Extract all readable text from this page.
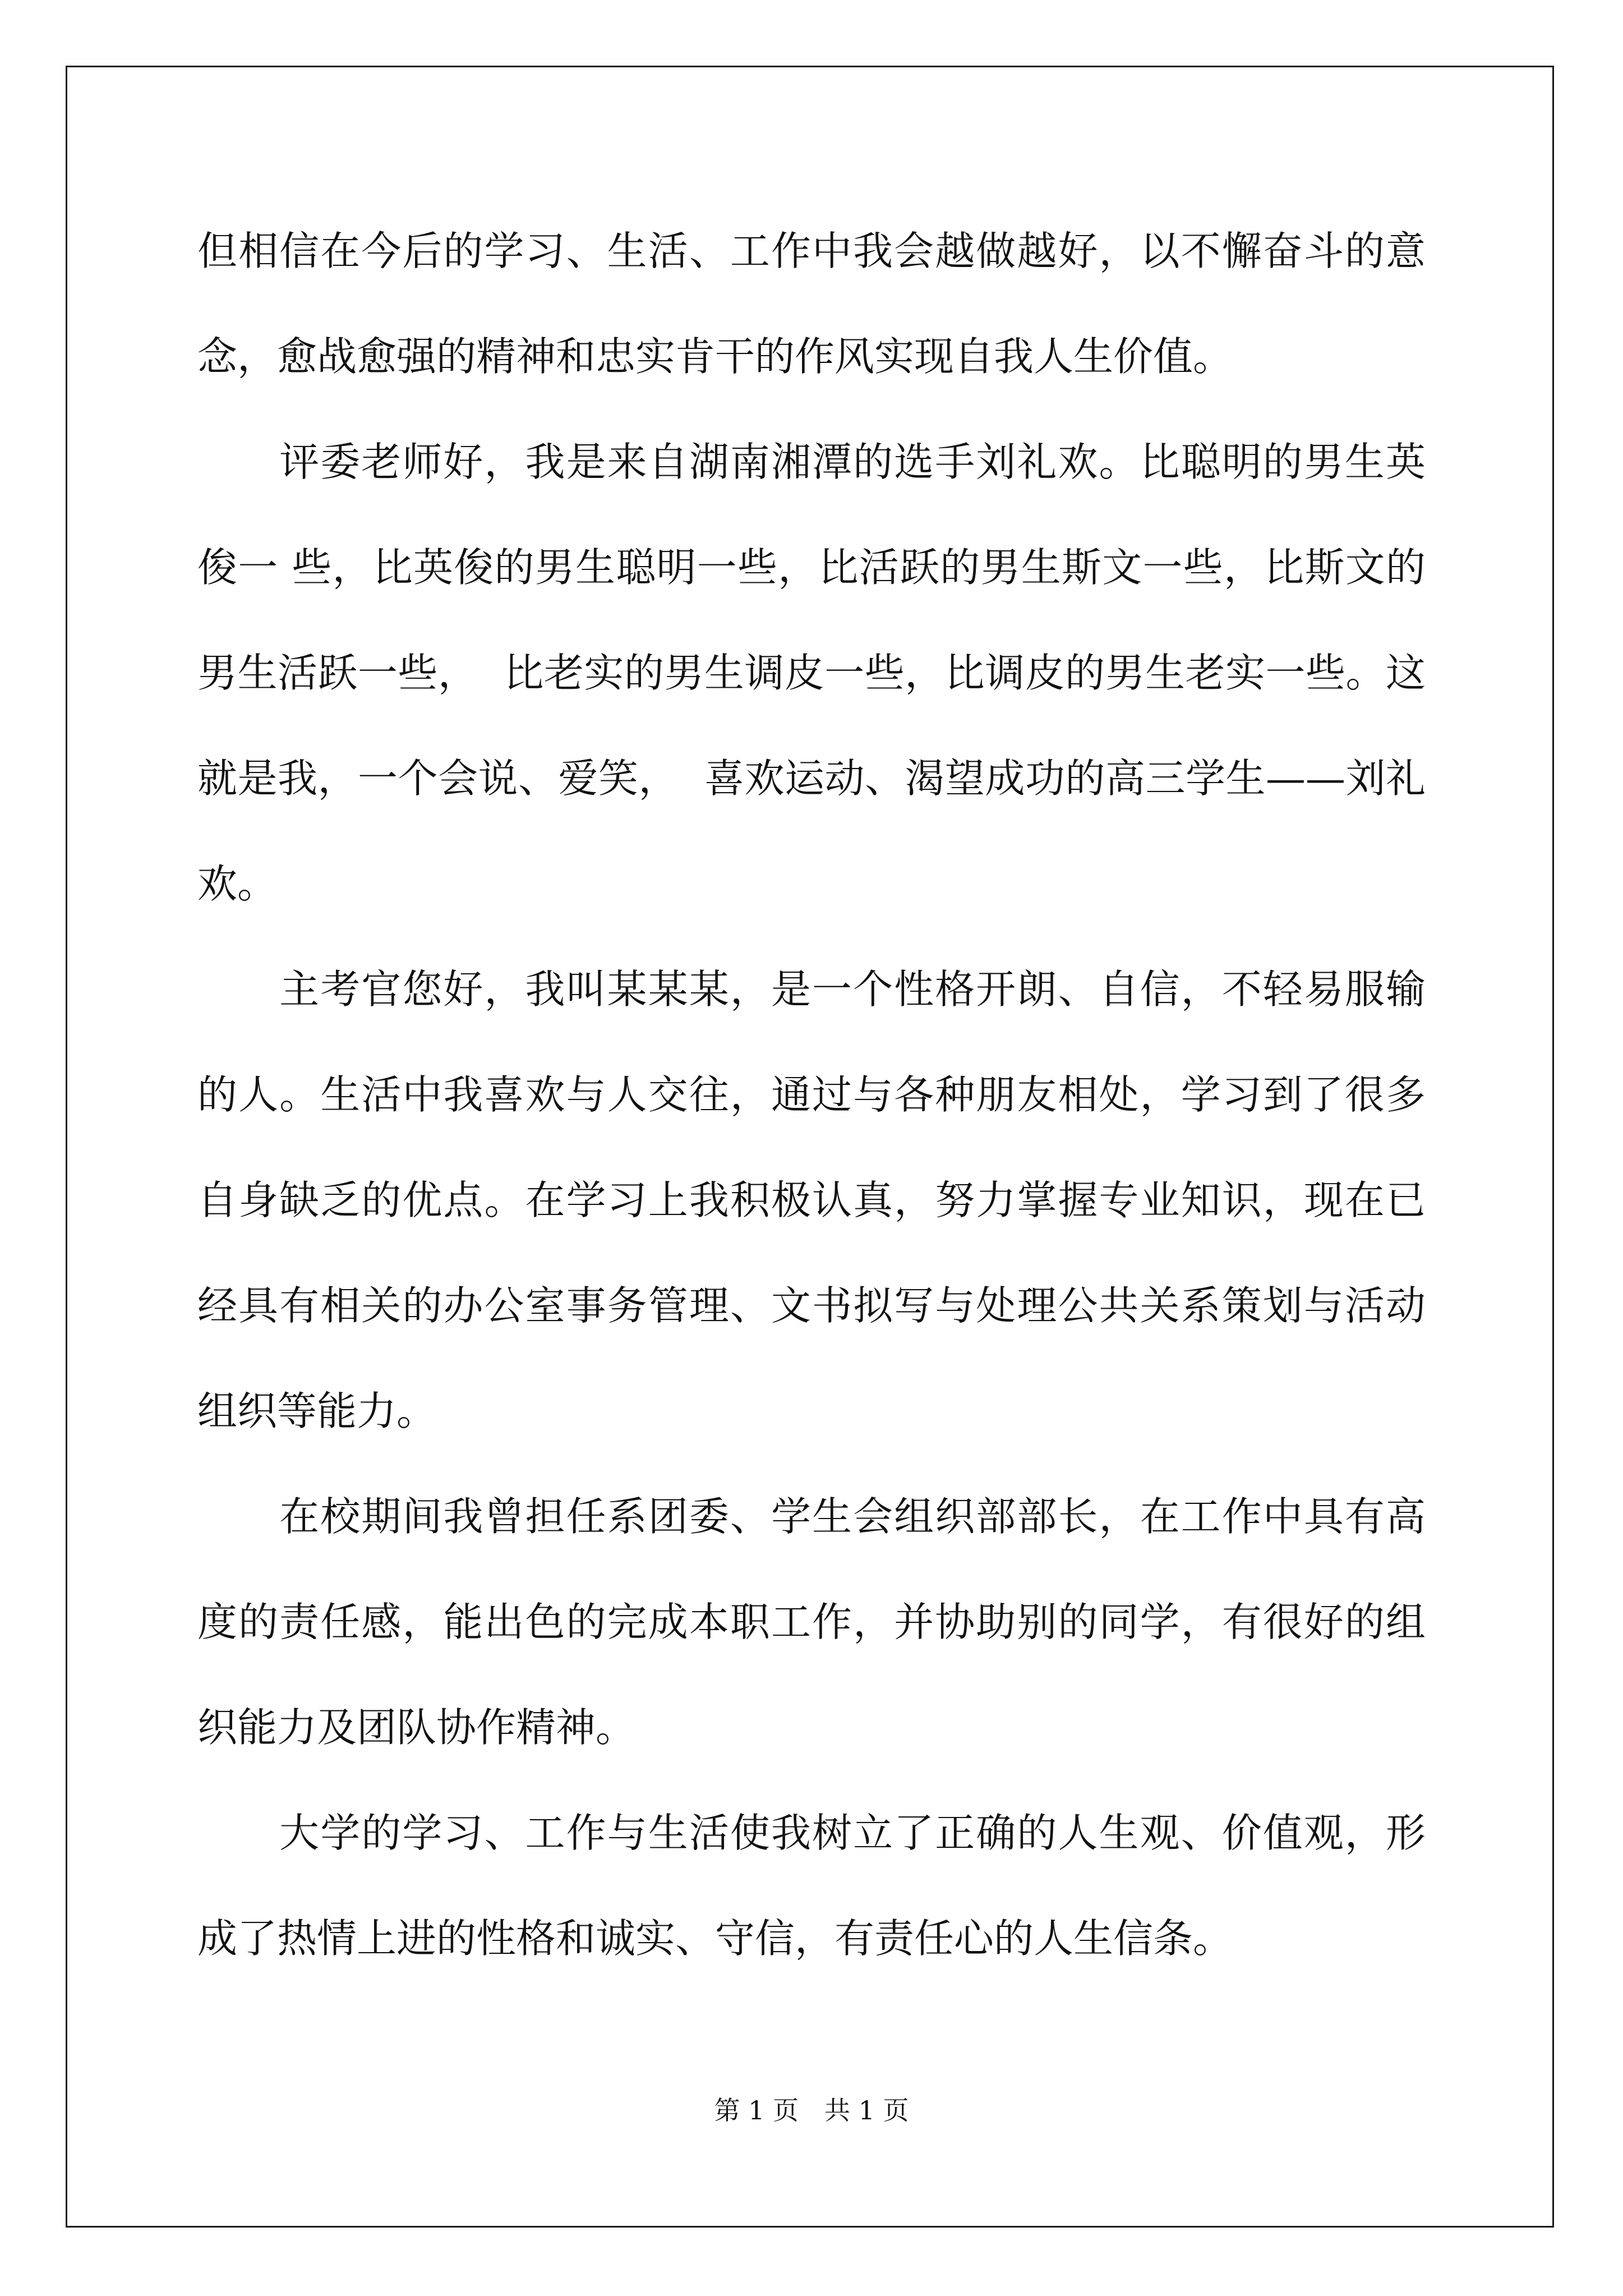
但相信在今后的学习、生活、工作中我会越做越好，以不懈奋斗的意
念，愈战愈强的精神和忠实肯干的作风实现自我人生价值。
　　评委老师好，我是来自湖南湘潭的选手刘礼欢。比聪明的男生英
俊一 些，比英俊的男生聪明一些，比活跃的男生斯文一些，比斯文的
男生活跃一些，  比老实的男生调皮一些，比调皮的男生老实一些。这
就是我，一个会说、爱笑，  喜欢运动、渴望成功的高三学生——刘礼
欢。
　　主考官您好，我叫某某某，是一个性格开朗、自信，不轻易服输
的人。生活中我喜欢与人交往，通过与各种朋友相处，学习到了很多
自身缺乏的优点。在学习上我积极认真，努力掌握专业知识，现在已
经具有相关的办公室事务管理、文书拟写与处理公共关系策划与活动
组织等能力。
　　在校期间我曾担任系团委、学生会组织部部长，在工作中具有高
度的责任感，能出色的完成本职工作，并协助别的同学，有很好的组
织能力及团队协作精神。
　　大学的学习、工作与生活使我树立了正确的人生观、价值观，形
成了热情上进的性格和诚实、守信，有责任心的人生信条。
第 1 页　共 1 页
